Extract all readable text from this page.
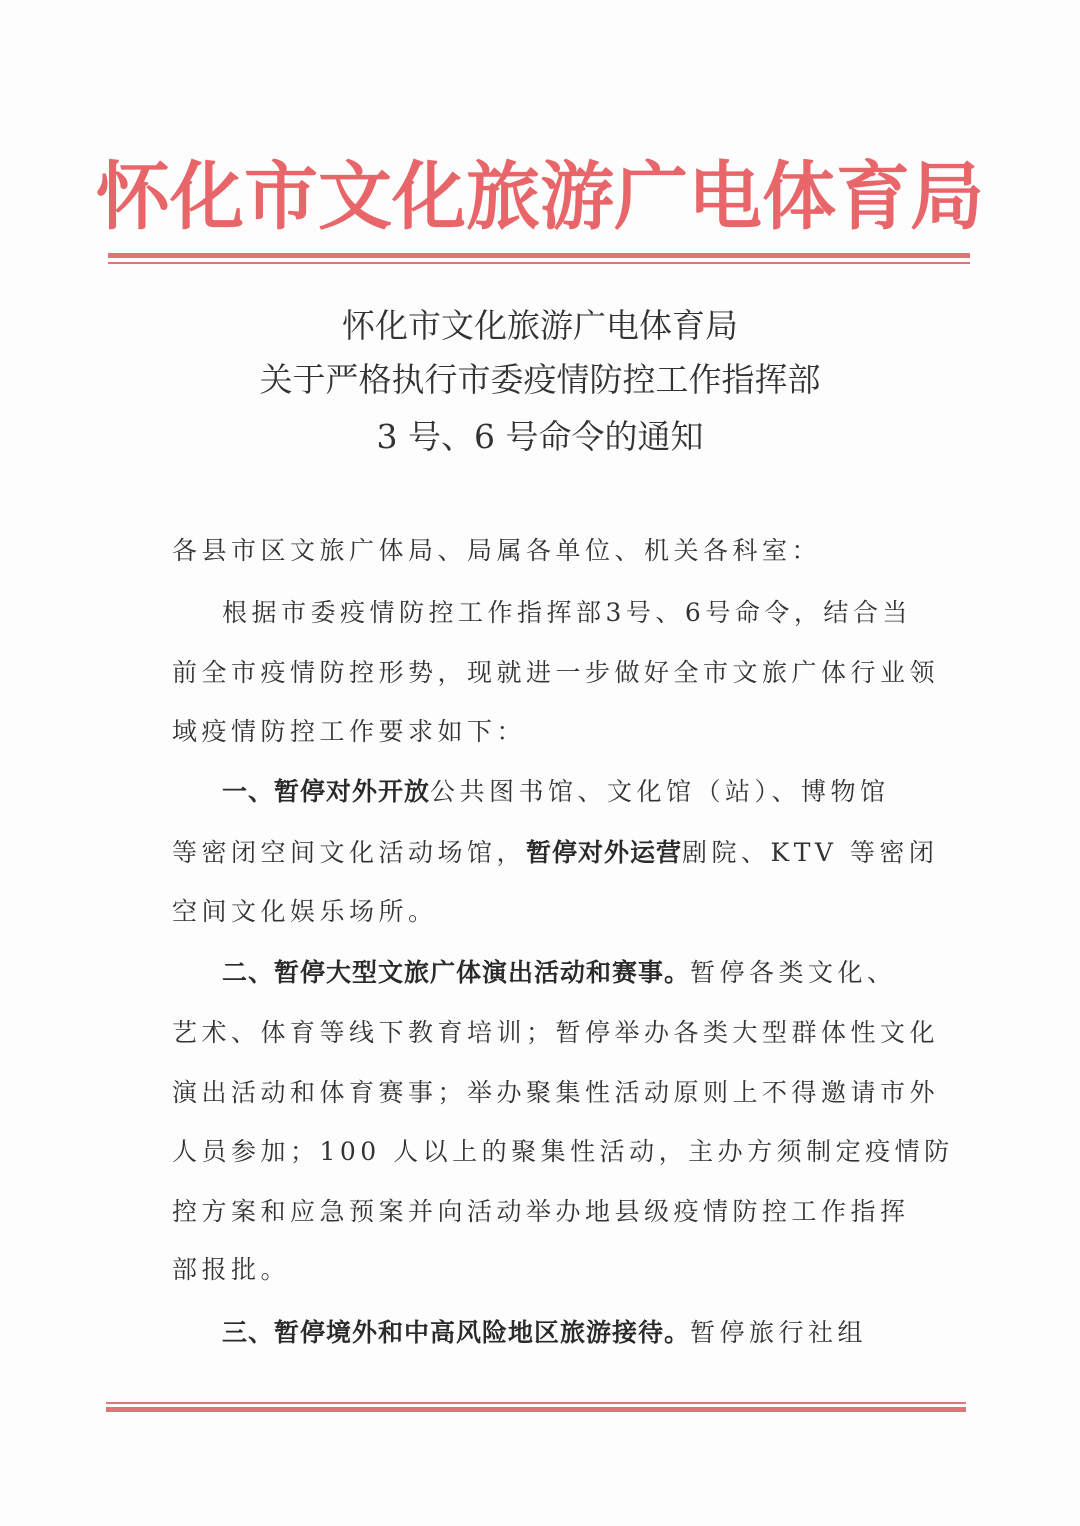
怀化市文化旅游广电体育局
怀化市文化旅游广电体育局
关于严格执行市委疫情防控工作指挥部
3 号、6 号命令的通知
各县市区文旅广体局、局属各单位、机关各科室：
根据市委疫情防控工作指挥部3号、6号命令，结合当
前全市疫情防控形势，现就进一步做好全市文旅广体行业领
域疫情防控工作要求如下：
一、暂停对外开放公共图书馆、文化馆（站）、博物馆
等密闭空间文化活动场馆，暂停对外运营剧院、KTV 等密闭
空间文化娱乐场所。
二、暂停大型文旅广体演出活动和赛事。暂停各类文化、
艺术、体育等线下教育培训；暂停举办各类大型群体性文化
演出活动和体育赛事；举办聚集性活动原则上不得邀请市外
人员参加；100 人以上的聚集性活动，主办方须制定疫情防
控方案和应急预案并向活动举办地县级疫情防控工作指挥
部报批。
三、暂停境外和中高风险地区旅游接待。暂停旅行社组
